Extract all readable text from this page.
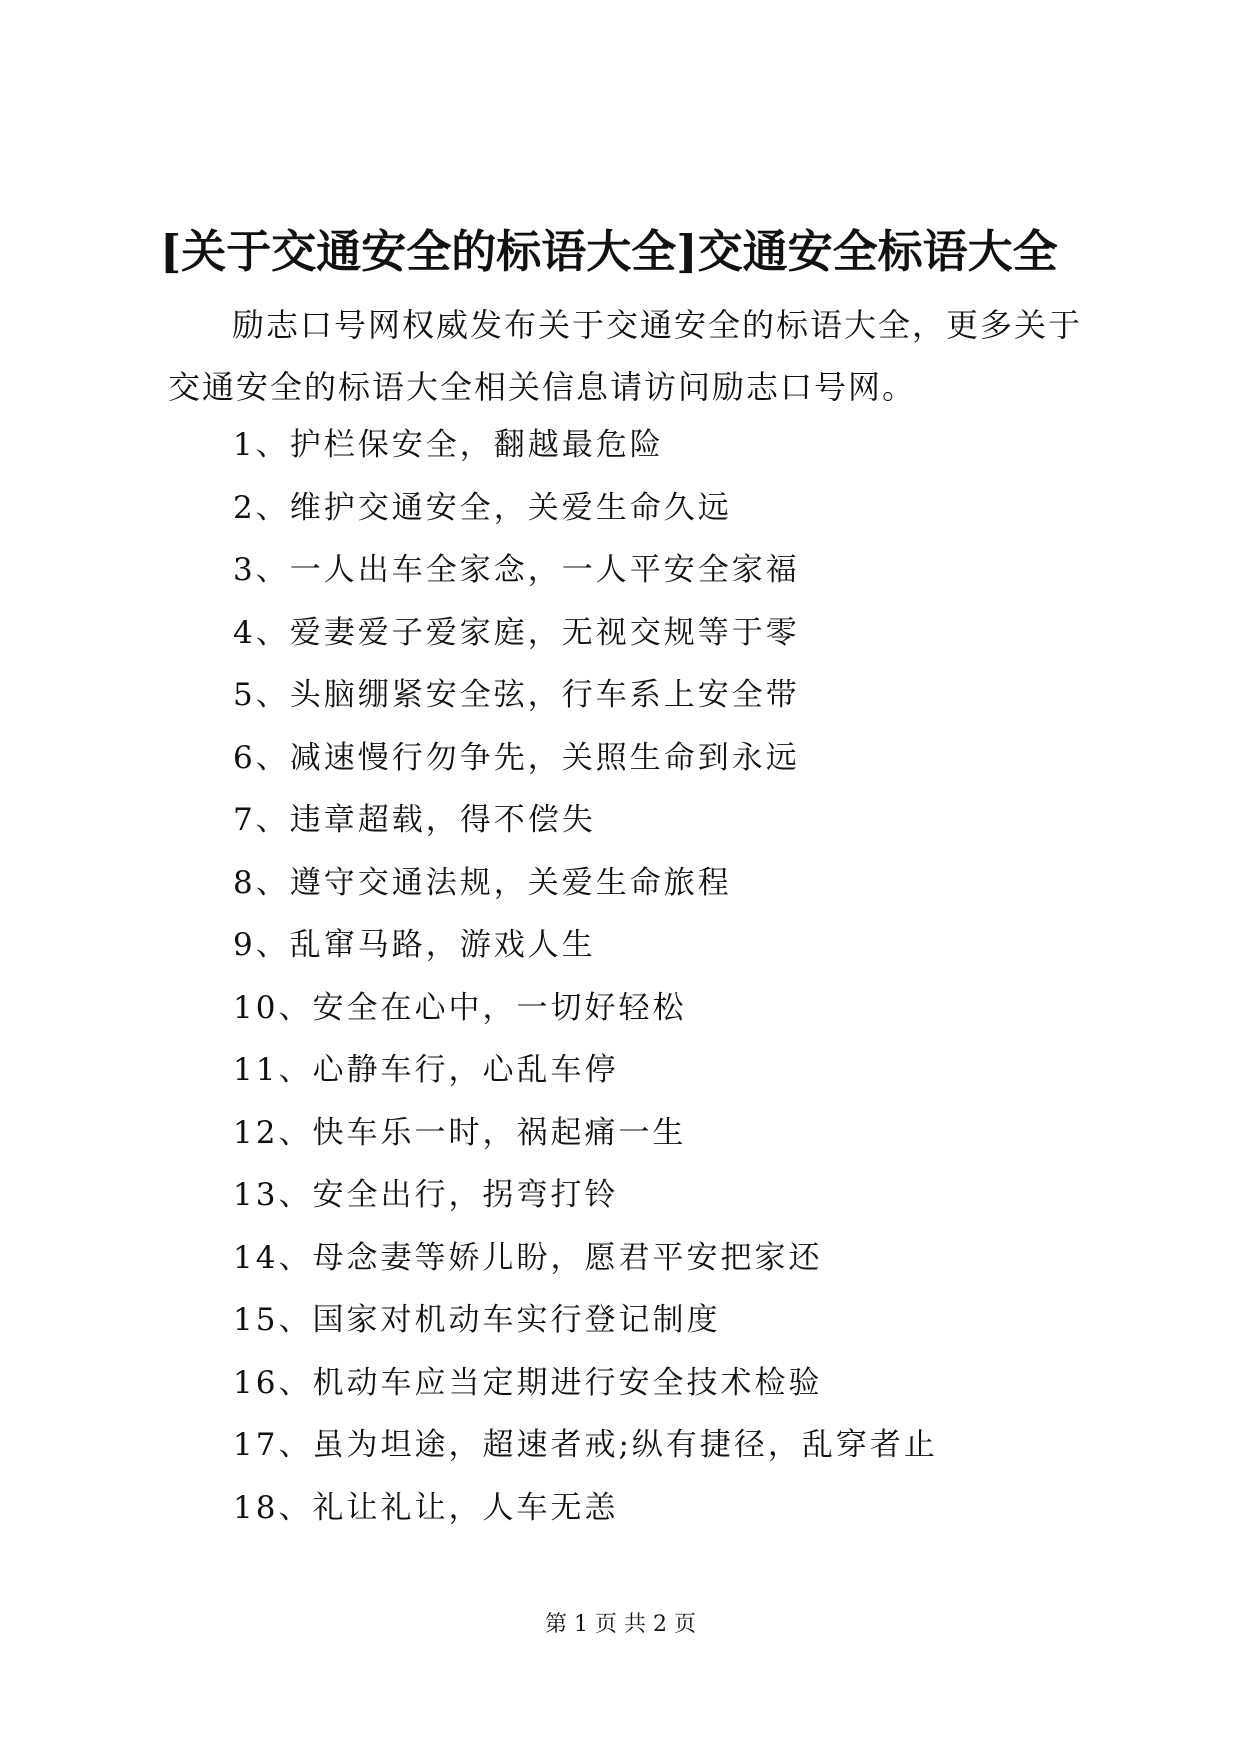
[关于交通安全的标语大全]交通安全标语大全
励志口号网权威发布关于交通安全的标语大全，更多关于交通安全的标语大全相关信息请访问励志口号网。
1、护栏保安全，翻越最危险
2、维护交通安全，关爱生命久远
3、一人出车全家念，一人平安全家福
4、爱妻爱子爱家庭，无视交规等于零
5、头脑绷紧安全弦，行车系上安全带
6、减速慢行勿争先，关照生命到永远
7、违章超载，得不偿失
8、遵守交通法规，关爱生命旅程
9、乱窜马路，游戏人生
10、安全在心中，一切好轻松
11、心静车行，心乱车停
12、快车乐一时，祸起痛一生
13、安全出行，拐弯打铃
14、母念妻等娇儿盼，愿君平安把家还
15、国家对机动车实行登记制度
16、机动车应当定期进行安全技术检验
17、虽为坦途，超速者戒;纵有捷径，乱穿者止
18、礼让礼让，人车无恙
第 1 页 共 2 页
